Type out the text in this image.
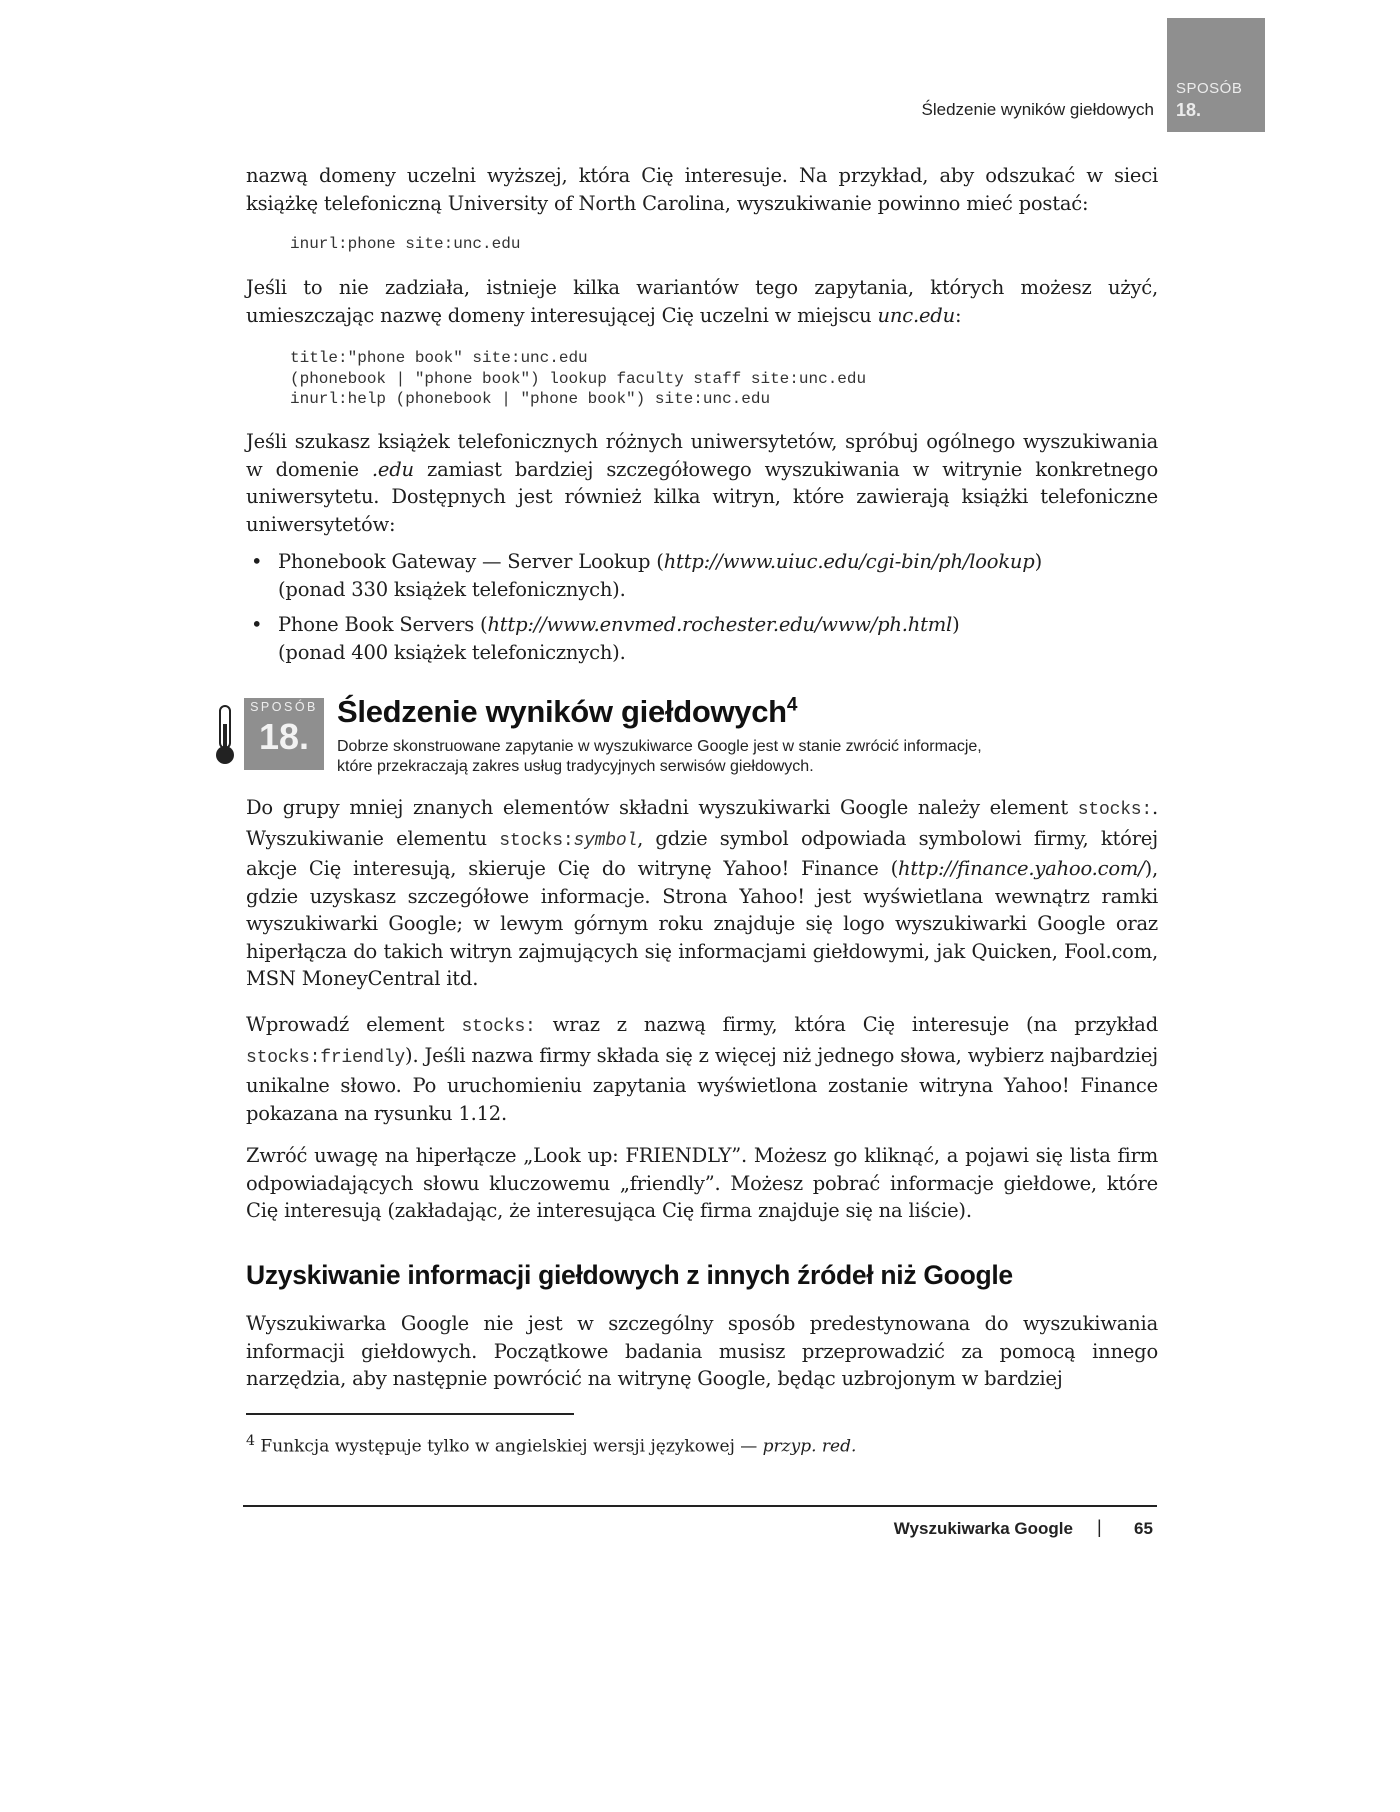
SPOSÓB
18.
Śledzenie wyników giełdowych

nazwą domeny uczelni wyższej, która Cię interesuje. Na przykład, aby odszukać w sieci książkę telefoniczną University of North Carolina, wyszukiwanie powinno mieć postać:

inurl:phone site:unc.edu

Jeśli to nie zadziała, istnieje kilka wariantów tego zapytania, których możesz użyć, umieszczając nazwę domeny interesującej Cię uczelni w miejscu unc.edu:

title:"phone book" site:unc.edu
(phonebook | "phone book") lookup faculty staff site:unc.edu
inurl:help (phonebook | "phone book") site:unc.edu

Jeśli szukasz książek telefonicznych różnych uniwersytetów, spróbuj ogólnego wyszukiwania w domenie .edu zamiast bardziej szczegółowego wyszukiwania w witrynie konkretnego uniwersytetu. Dostępnych jest również kilka witryn, które zawierają książki telefoniczne uniwersytetów:

• Phonebook Gateway — Server Lookup (http://www.uiuc.edu/cgi-bin/ph/lookup)
(ponad 330 książek telefonicznych).
• Phone Book Servers (http://www.envmed.rochester.edu/www/ph.html)
(ponad 400 książek telefonicznych).
SPOSÓB
18.
Śledzenie wyników giełdowych$^4$
Dobrze skonstruowane zapytanie w wyszukiwarce Google jest w stanie zwrócić informacje,
które przekraczają zakres usług tradycyjnych serwisów giełdowych.

Do grupy mniej znanych elementów składni wyszukiwarki Google należy element stocks:. Wyszukiwanie elementu stocks:symbol, gdzie symbol odpowiada symbolowi firmy, której akcje Cię interesują, skieruje Cię do witrynę Yahoo! Finance (http://finance.yahoo.com/), gdzie uzyskasz szczegółowe informacje. Strona Yahoo! jest wyświetlana wewnątrz ramki wyszukiwarki Google; w lewym górnym roku znajduje się logo wyszukiwarki Google oraz hiperłącza do takich witryn zajmujących się informacjami giełdowymi, jak Quicken, Fool.com, MSN MoneyCentral itd.

Wprowadź element stocks: wraz z nazwą firmy, która Cię interesuje (na przykład stocks:friendly). Jeśli nazwa firmy składa się z więcej niż jednego słowa, wybierz najbardziej unikalne słowo. Po uruchomieniu zapytania wyświetlona zostanie witryna Yahoo! Finance pokazana na rysunku 1.12.

Zwróć uwagę na hiperłącze „Look up: FRIENDLY”. Możesz go kliknąć, a pojawi się lista firm odpowiadających słowu kluczowemu „friendly”. Możesz pobrać informacje giełdowe, które Cię interesują (zakładając, że interesująca Cię firma znajduje się na liście).

Uzyskiwanie informacji giełdowych z innych źródeł niż Google

Wyszukiwarka Google nie jest w szczególny sposób predestynowana do wyszukiwania informacji giełdowych. Początkowe badania musisz przeprowadzić za pomocą innego narzędzia, aby następnie powrócić na witrynę Google, będąc uzbrojonym w bardziej

$^4$ Funkcja występuje tylko w angielskiej wersji językowej — przyp. red.
Wyszukiwarka Google | 65
